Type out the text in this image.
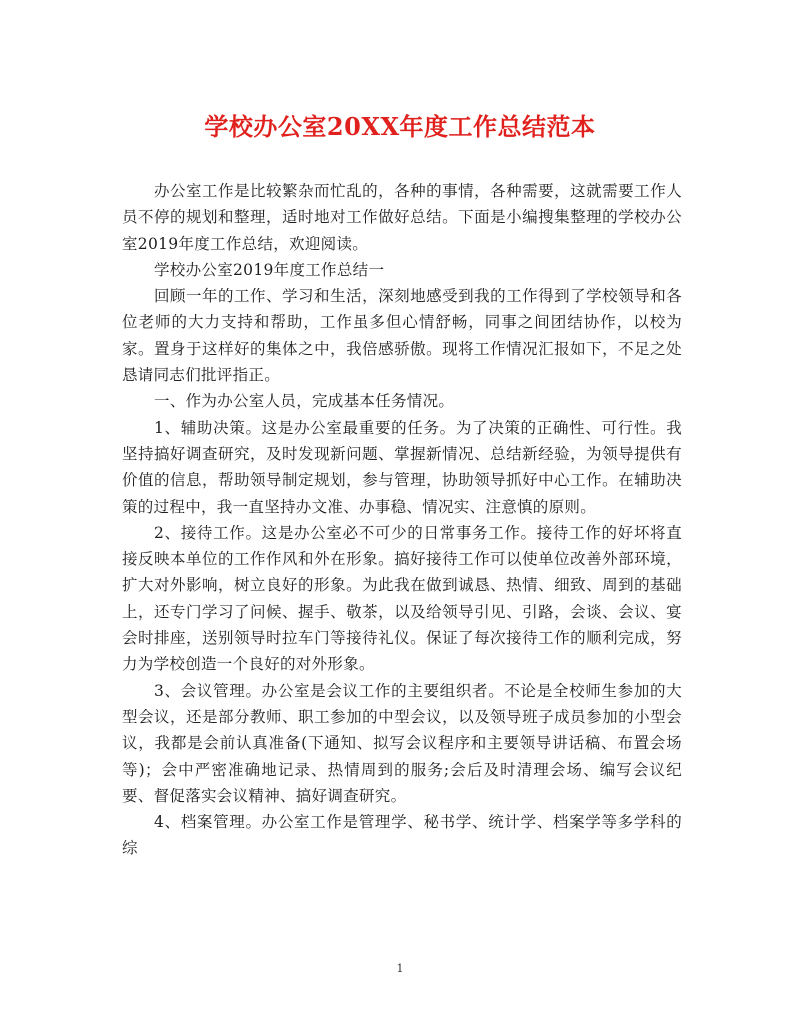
学校办公室20XX年度工作总结范本

办公室工作是比较繁杂而忙乱的，各种的事情，各种需要，这就需要工作人员不停的规划和整理，适时地对工作做好总结。下面是小编搜集整理的学校办公室2019年度工作总结，欢迎阅读。

学校办公室2019年度工作总结一

回顾一年的工作、学习和生活，深刻地感受到我的工作得到了学校领导和各位老师的大力支持和帮助，工作虽多但心情舒畅，同事之间团结协作，以校为家。置身于这样好的集体之中，我倍感骄傲。现将工作情况汇报如下，不足之处恳请同志们批评指正。

一、作为办公室人员，完成基本任务情况。

1、辅助决策。这是办公室最重要的任务。为了决策的正确性、可行性。我坚持搞好调查研究，及时发现新问题、掌握新情况、总结新经验，为领导提供有价值的信息，帮助领导制定规划，参与管理，协助领导抓好中心工作。在辅助决策的过程中，我一直坚持办文准、办事稳、情况实、注意慎的原则。

2、接待工作。这是办公室必不可少的日常事务工作。接待工作的好坏将直接反映本单位的工作作风和外在形象。搞好接待工作可以使单位改善外部环境，扩大对外影响，树立良好的形象。为此我在做到诚恳、热情、细致、周到的基础上，还专门学习了问候、握手、敬茶，以及给领导引见、引路，会谈、会议、宴会时排座，送别领导时拉车门等接待礼仪。保证了每次接待工作的顺利完成，努力为学校创造一个良好的对外形象。

3、会议管理。办公室是会议工作的主要组织者。不论是全校师生参加的大型会议，还是部分教师、职工参加的中型会议，以及领导班子成员参加的小型会议，我都是会前认真准备(下通知、拟写会议程序和主要领导讲话稿、布置会场等)；会中严密准确地记录、热情周到的服务;会后及时清理会场、编写会议纪要、督促落实会议精神、搞好调查研究。

4、档案管理。办公室工作是管理学、秘书学、统计学、档案学等多学科的综

1
